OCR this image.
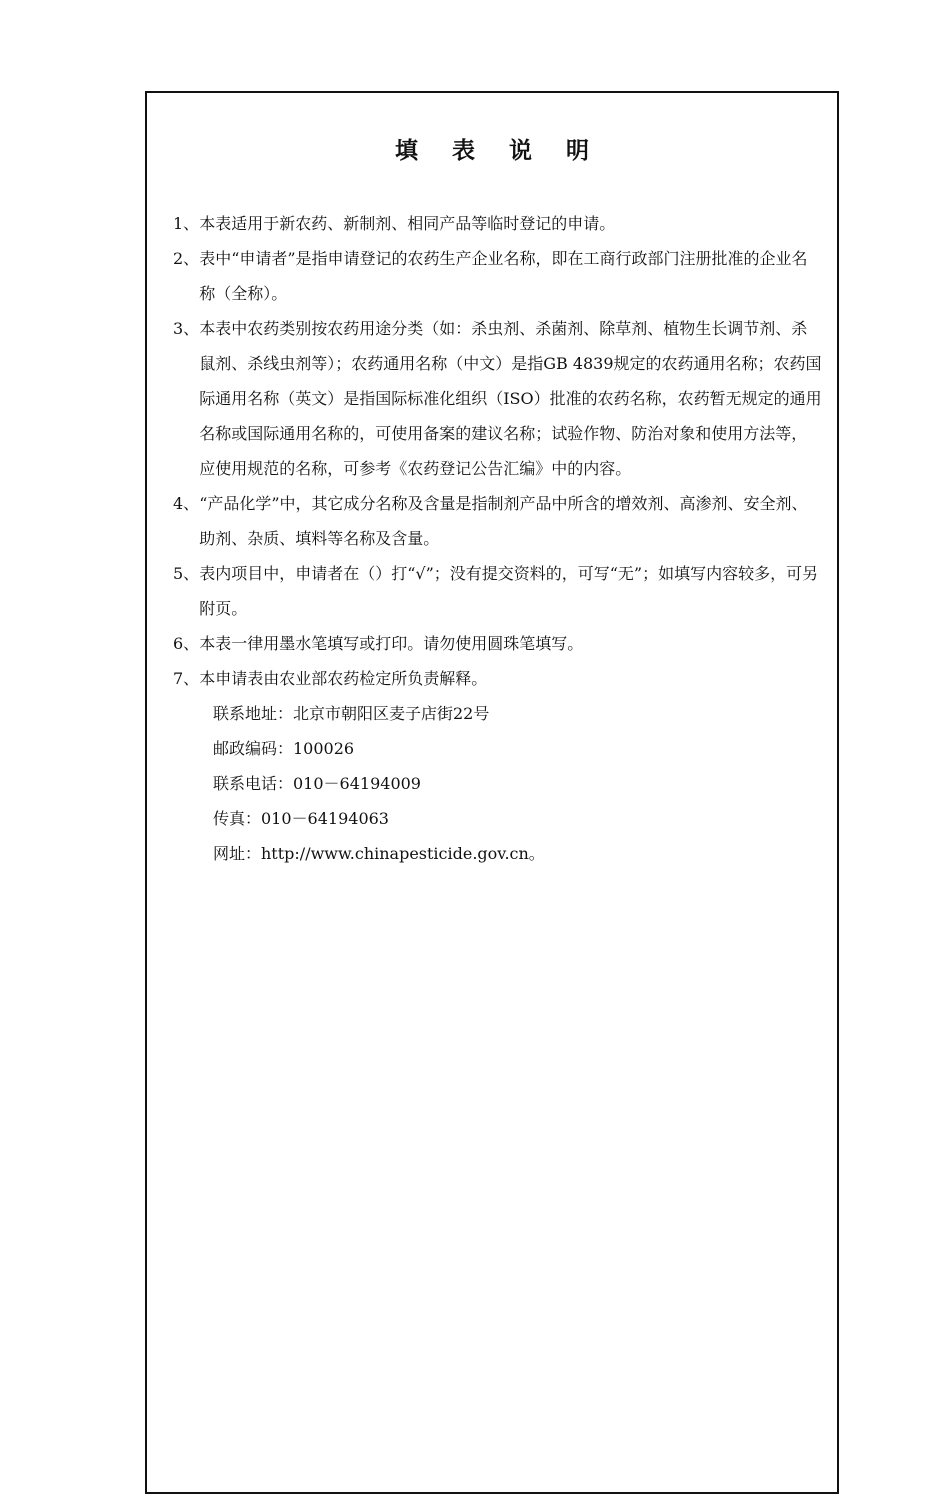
填 表 说 明
1、 本表适用于新农药、新制剂、相同产品等临时登记的申请。
2、 表中“申请者”是指申请登记的农药生产企业名称，即在工商行政部门注册批准的企业名称（全称）。
3、 本表中农药类别按农药用途分类（如：杀虫剂、杀菌剂、除草剂、植物生长调节剂、杀鼠剂、杀线虫剂等）；农药通用名称（中文）是指GB 4839规定的农药通用名称；农药国际通用名称（英文）是指国际标准化组织（ISO）批准的农药名称，农药暂无规定的通用名称或国际通用名称的，可使用备案的建议名称；试验作物、防治对象和使用方法等，应使用规范的名称，可参考《农药登记公告汇编》中的内容。
4、 “产品化学”中，其它成分名称及含量是指制剂产品中所含的增效剂、高渗剂、安全剂、助剂、杂质、填料等名称及含量。
5、 表内项目中，申请者在（）打“√”；没有提交资料的，可写“无”；如填写内容较多，可另附页。
6、 本表一律用墨水笔填写或打印。请勿使用圆珠笔填写。
7、 本申请表由农业部农药检定所负责解释。
联系地址：北京市朝阳区麦子店街22号
邮政编码：100026
联系电话：010－64194009
传真：010－64194063
网址：http://www.chinapesticide.gov.cn。
